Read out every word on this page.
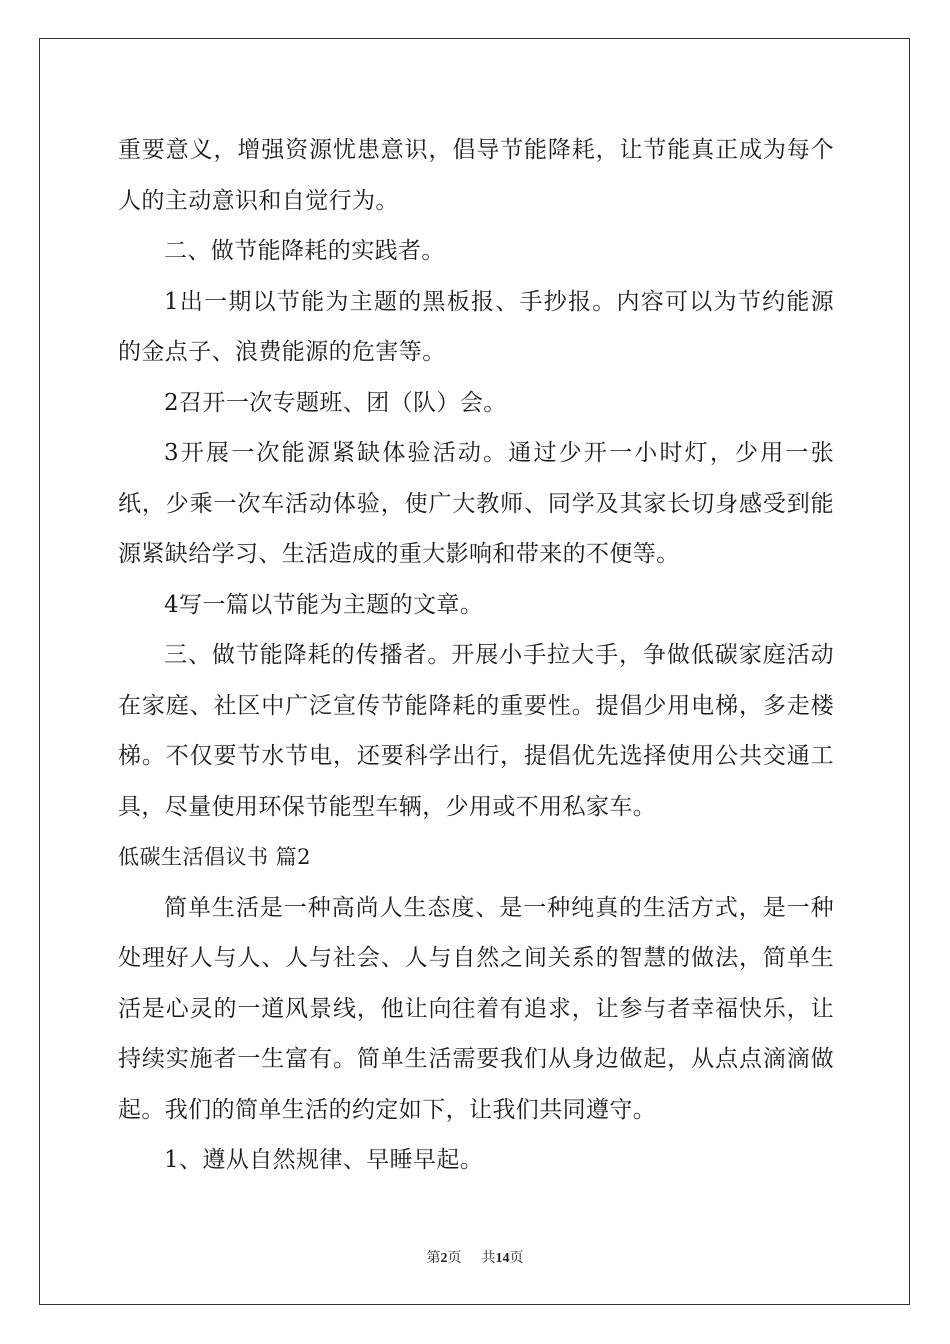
重要意义，增强资源忧患意识，倡导节能降耗，让节能真正成为每个人的主动意识和自觉行为。

二、做节能降耗的实践者。

1出一期以节能为主题的黑板报、手抄报。内容可以为节约能源的金点子、浪费能源的危害等。

2召开一次专题班、团（队）会。

3开展一次能源紧缺体验活动。通过少开一小时灯，少用一张纸，少乘一次车活动体验，使广大教师、同学及其家长切身感受到能源紧缺给学习、生活造成的重大影响和带来的不便等。

4写一篇以节能为主题的文章。

三、做节能降耗的传播者。开展小手拉大手，争做低碳家庭活动在家庭、社区中广泛宣传节能降耗的重要性。提倡少用电梯，多走楼梯。不仅要节水节电，还要科学出行，提倡优先选择使用公共交通工具，尽量使用环保节能型车辆，少用或不用私家车。

低碳生活倡议书 篇2

简单生活是一种高尚人生态度、是一种纯真的生活方式，是一种处理好人与人、人与社会、人与自然之间关系的智慧的做法，简单生活是心灵的一道风景线，他让向往着有追求，让参与者幸福快乐，让持续实施者一生富有。简单生活需要我们从身边做起，从点点滴滴做起。我们的简单生活的约定如下，让我们共同遵守。

1、遵从自然规律、早睡早起。

第2页 共14页
